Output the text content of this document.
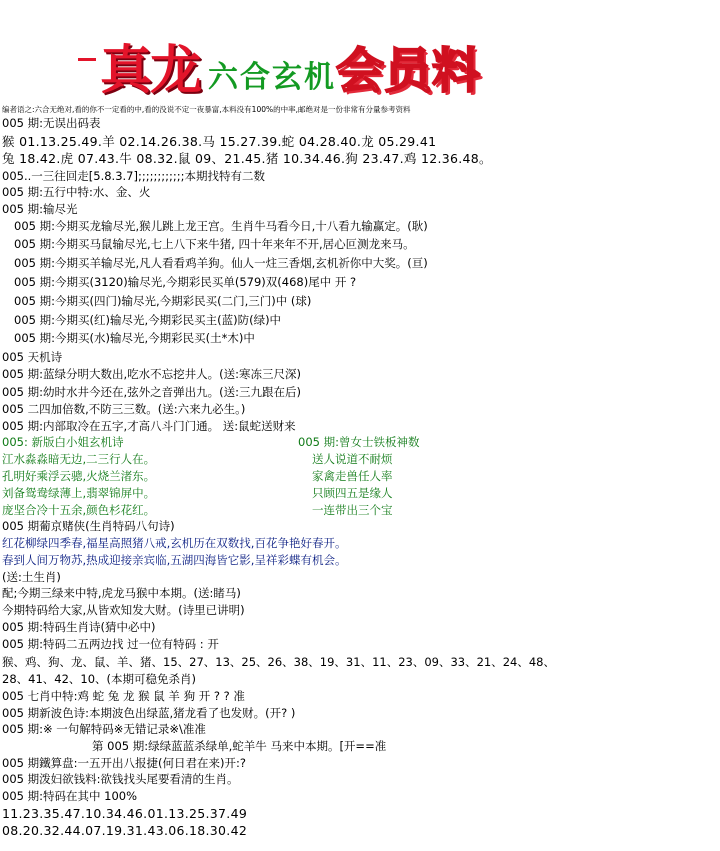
真龙 六合玄机 会员料
编者语之:六合无绝对,看的你不一定看的中,看的没说不定一夜暴富,本料没有100%的中率,邮绝对是一份非常有分量参考资料
005 期:无误出码表
猴 01.13.25.49.羊 02.14.26.38.马 15.27.39.蛇 04.28.40.龙 05.29.41
兔 18.42.虎 07.43.牛 08.32.鼠 09、21.45.猪 10.34.46.狗 23.47.鸡 12.36.48。
005..一三往回走[5.8.3.7];;;;;;;;;;;;本期找特有二数
005 期:五行中特:水、金、火
005 期:输尽光
005 期:今期买龙输尽光,猴儿跳上龙王宫。生肖牛马看今日,十八看九输赢定。(耿)
005 期:今期买马鼠输尽光,七上八下来牛猪, 四十年来年不开,居心叵测龙来马。
005 期:今期买羊输尽光,凡人看看鸡羊狗。仙人一炷三香烟,玄机祈你中大奖。(亘)
005 期:今期买(3120)输尽光,今期彩民买单(579)双(468)尾中 开 ?
005 期:今期买(四门)输尽光,今期彩民买(二门,三门)中 (球)
005 期:今期买(红)输尽光,今期彩民买主(蓝)防(绿)中
005 期:今期买(水)输尽光,今期彩民买(土*木)中
005 天机诗
005 期:蓝绿分明大数出,吃水不忘挖井人。(送:寒冻三尺深)
005 期:幼时水井今还在,弦外之音弹出九。(送:三九跟在后)
005 二四加倍数,不防三三数。(送:六来九必生。)
005 期:内部取冷在五字,才高八斗门门通。 送:鼠蛇送财来
005: 新版白小姐玄机诗
江水淼淼暗无边,二三行人在。
孔明好乘浮云骢,火烧兰渚东。
刘备鸳鸯绿薄上,翡翠锦屏中。
庞坚合冷十五余,颜色杉花红。
005 期:曾女士铁板神数
送人说道不耐烦
家禽走兽任人率
只顾四五是缘人
一连带出三个宝
005 期葡京赌侠(生肖特码八句诗)
红花柳绿四季春,福星高照猪八戒,玄机历在双数找,百花争艳好春开。
春到人间万物苏,热成迎接亲宾临,五湖四海皆它影,呈祥彩蝶有机会。
(送:土生肖)
配;今期三绿来中特,虎龙马猴中本期。(送:睹马)
今期特码给大家,从皆欢知发大财。(诗里已讲明)
005 期:特码生肖诗(猜中必中)
005 期:特码二五两边找 过一位有特码 : 开
猴、鸡、狗、龙、鼠、羊、猪、15、27、13、25、26、38、19、31、11、23、09、33、21、24、48、
28、41、42、10、(本期可稳免杀肖)
005 七肖中特:鸡 蛇 兔 龙 猴 鼠 羊 狗 开 ? ? 准
005 期新波色诗:本期波色出绿蓝,猪龙看了也发财。(开? )
005 期:※ 一句解特码※无错记录※\准准
第 005 期:绿绿蓝蓝杀绿单,蛇羊牛 马来中本期。[开==准
005 期鐵算盘:一五开出八报捷(何日君在来)开:?
005 期泼妇欲钱料:欲钱找头尾要看清的生肖。
005 期:特码在其中 100%
11.23.35.47.10.34.46.01.13.25.37.49
08.20.32.44.07.19.31.43.06.18.30.42
